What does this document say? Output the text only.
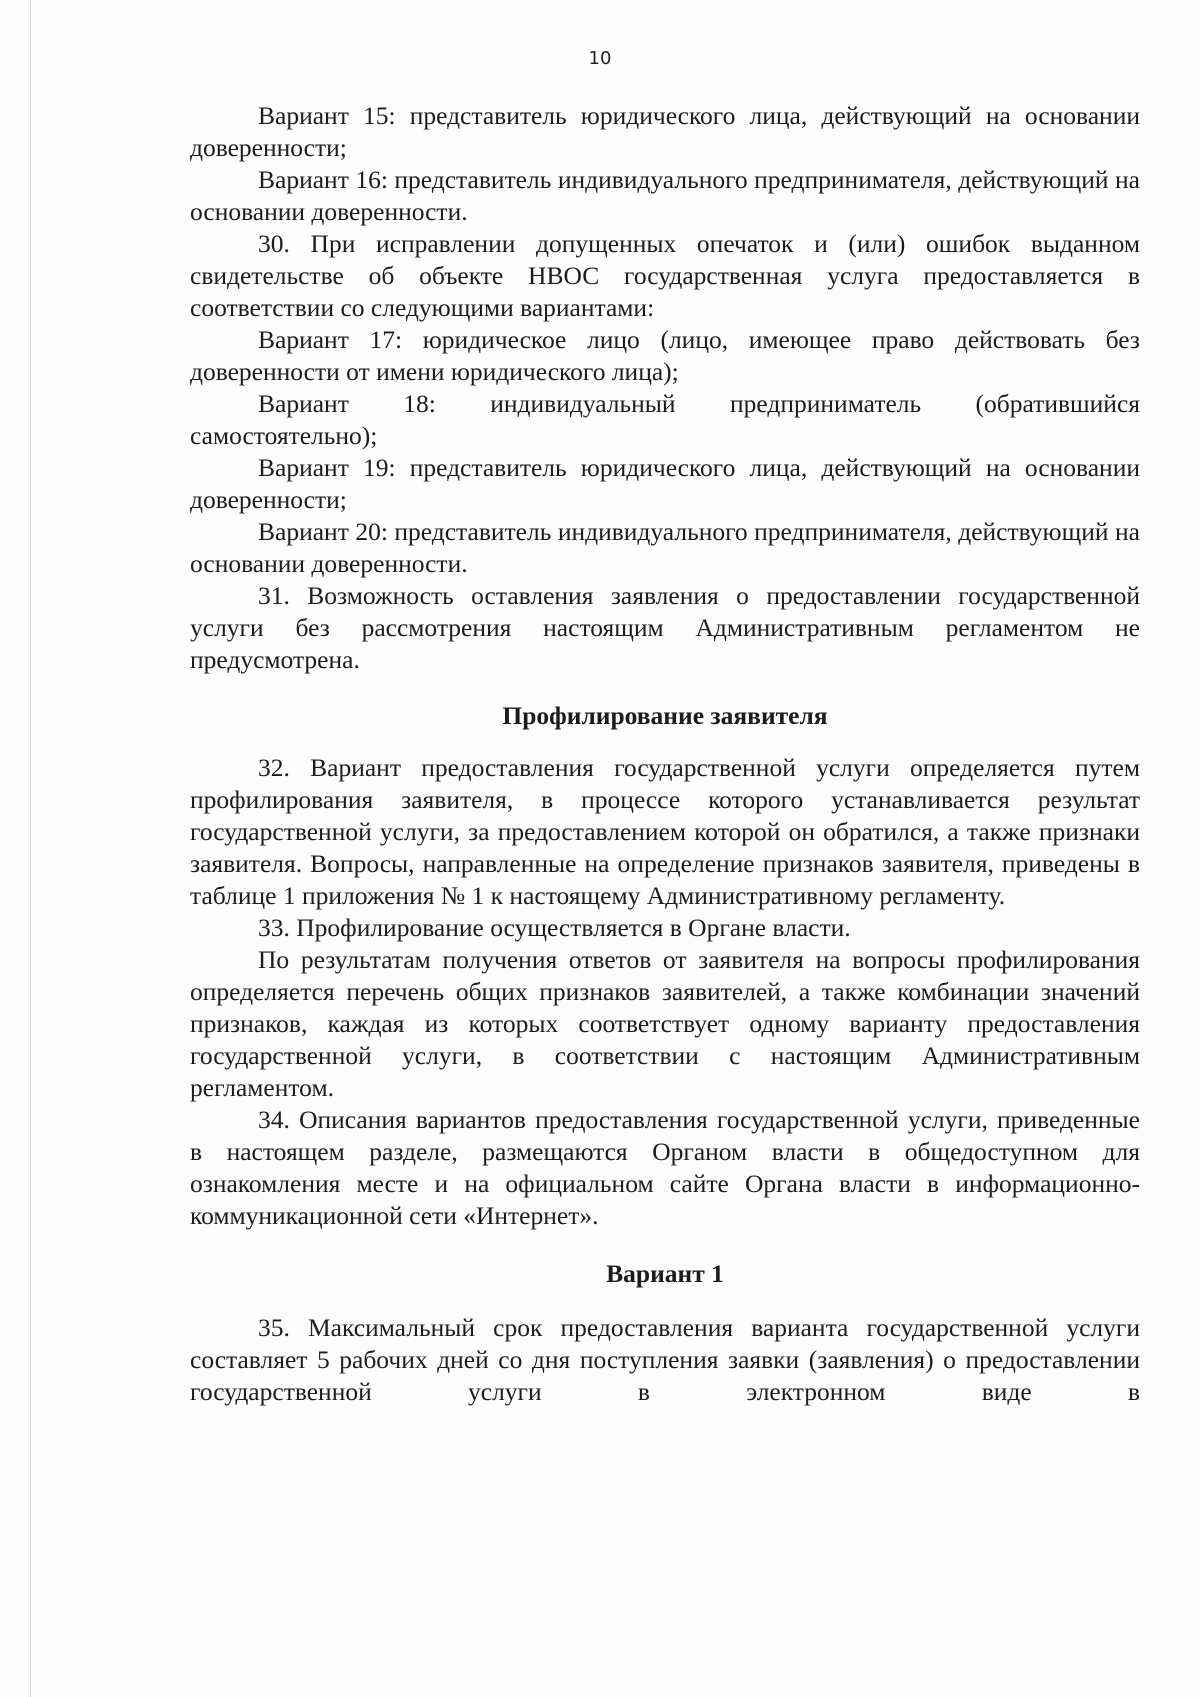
10

Вариант 15: представитель юридического лица, действующий на основании доверенности;

Вариант 16: представитель индивидуального предпринимателя, действующий на основании доверенности.

30. При исправлении допущенных опечаток и (или) ошибок выданном свидетельстве об объекте НВОС государственная услуга предоставляется в соответствии со следующими вариантами:

Вариант 17: юридическое лицо (лицо, имеющее право действовать без доверенности от имени юридического лица);

Вариант 18: индивидуальный предприниматель (обратившийся самостоятельно);

Вариант 19: представитель юридического лица, действующий на основании доверенности;

Вариант 20: представитель индивидуального предпринимателя, действующий на основании доверенности.

31. Возможность оставления заявления о предоставлении государственной услуги без рассмотрения настоящим Административным регламентом не предусмотрена.

Профилирование заявителя

32. Вариант предоставления государственной услуги определяется путем профилирования заявителя, в процессе которого устанавливается результат государственной услуги, за предоставлением которой он обратился, а также признаки заявителя. Вопросы, направленные на определение признаков заявителя, приведены в таблице 1 приложения № 1 к настоящему Административному регламенту.

33. Профилирование осуществляется в Органе власти.

По результатам получения ответов от заявителя на вопросы профилирования определяется перечень общих признаков заявителей, а также комбинации значений признаков, каждая из которых соответствует одному варианту предоставления государственной услуги, в соответствии с настоящим Административным регламентом.

34. Описания вариантов предоставления государственной услуги, приведенные в настоящем разделе, размещаются Органом власти в общедоступном для ознакомления месте и на официальном сайте Органа власти в информационно-коммуникационной сети «Интернет».

Вариант 1

35. Максимальный срок предоставления варианта государственной услуги составляет 5 рабочих дней со дня поступления заявки (заявления) о предоставлении государственной услуги в электронном виде в
